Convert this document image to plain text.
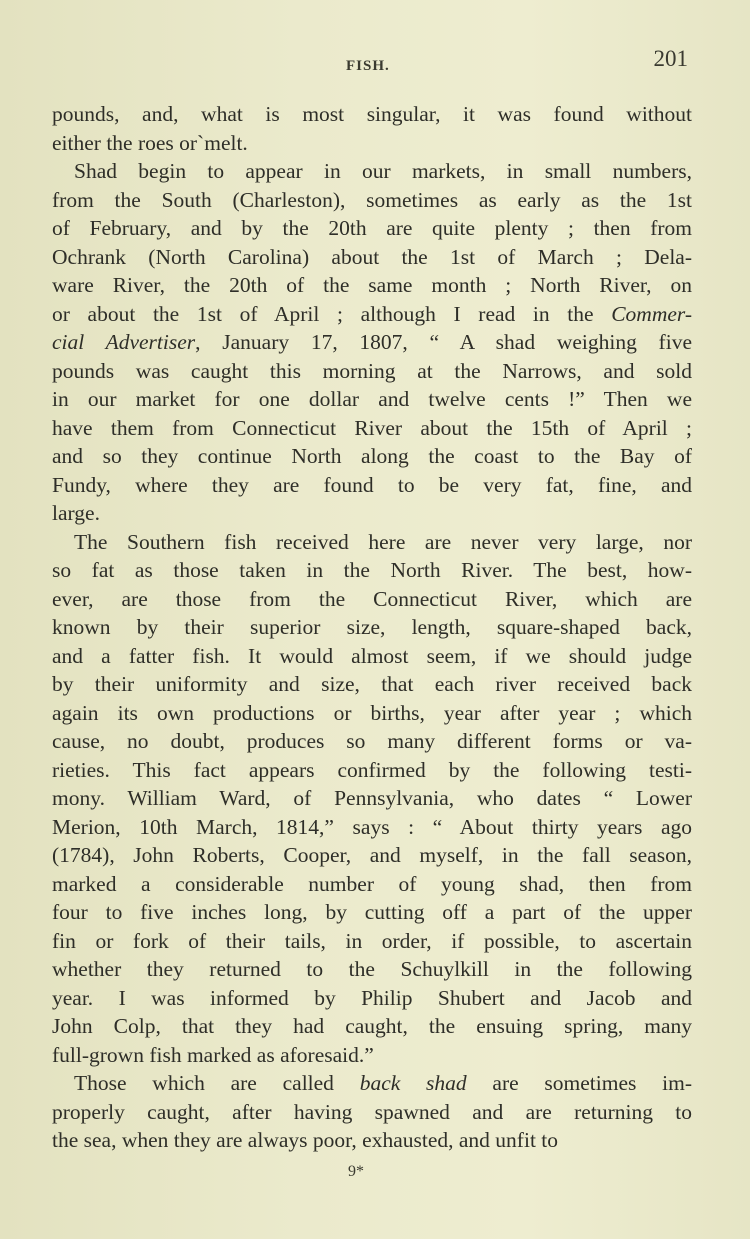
FISH.	201
pounds, and, what is most singular, it was found without
either the roes or`melt.
Shad begin to appear in our markets, in small numbers,
from the South (Charleston), sometimes as early as the 1st
of February, and by the 20th are quite plenty ; then from
Ochrank (North Carolina) about the 1st of March ; Dela-
ware River, the 20th of the same month ; North River, on
or about the 1st of April ; although I read in the Commer-
cial Advertiser, January 17, 1807, “ A shad weighing five
pounds was caught this morning at the Narrows, and sold
in our market for one dollar and twelve cents !” Then we
have them from Connecticut River about the 15th of April ;
and so they continue North along the coast to the Bay of
Fundy, where they are found to be very fat, fine, and
large.
The Southern fish received here are never very large, nor
so fat as those taken in the North River. The best, how-
ever, are those from the Connecticut River, which are
known by their superior size, length, square-shaped back,
and a fatter fish. It would almost seem, if we should judge
by their uniformity and size, that each river received back
again its own productions or births, year after year ; which
cause, no doubt, produces so many different forms or va-
rieties. This fact appears confirmed by the following testi-
mony. William Ward, of Pennsylvania, who dates “ Lower
Merion, 10th March, 1814,” says : “ About thirty years ago
(1784), John Roberts, Cooper, and myself, in the fall season,
marked a considerable number of young shad, then from
four to five inches long, by cutting off a part of the upper
fin or fork of their tails, in order, if possible, to ascertain
whether they returned to the Schuylkill in the following
year. I was informed by Philip Shubert and Jacob and
John Colp, that they had caught, the ensuing spring, many
full-grown fish marked as aforesaid.”
Those which are called back shad are sometimes im-
properly caught, after having spawned and are returning to
the sea, when they are always poor, exhausted, and unfit to
9*
